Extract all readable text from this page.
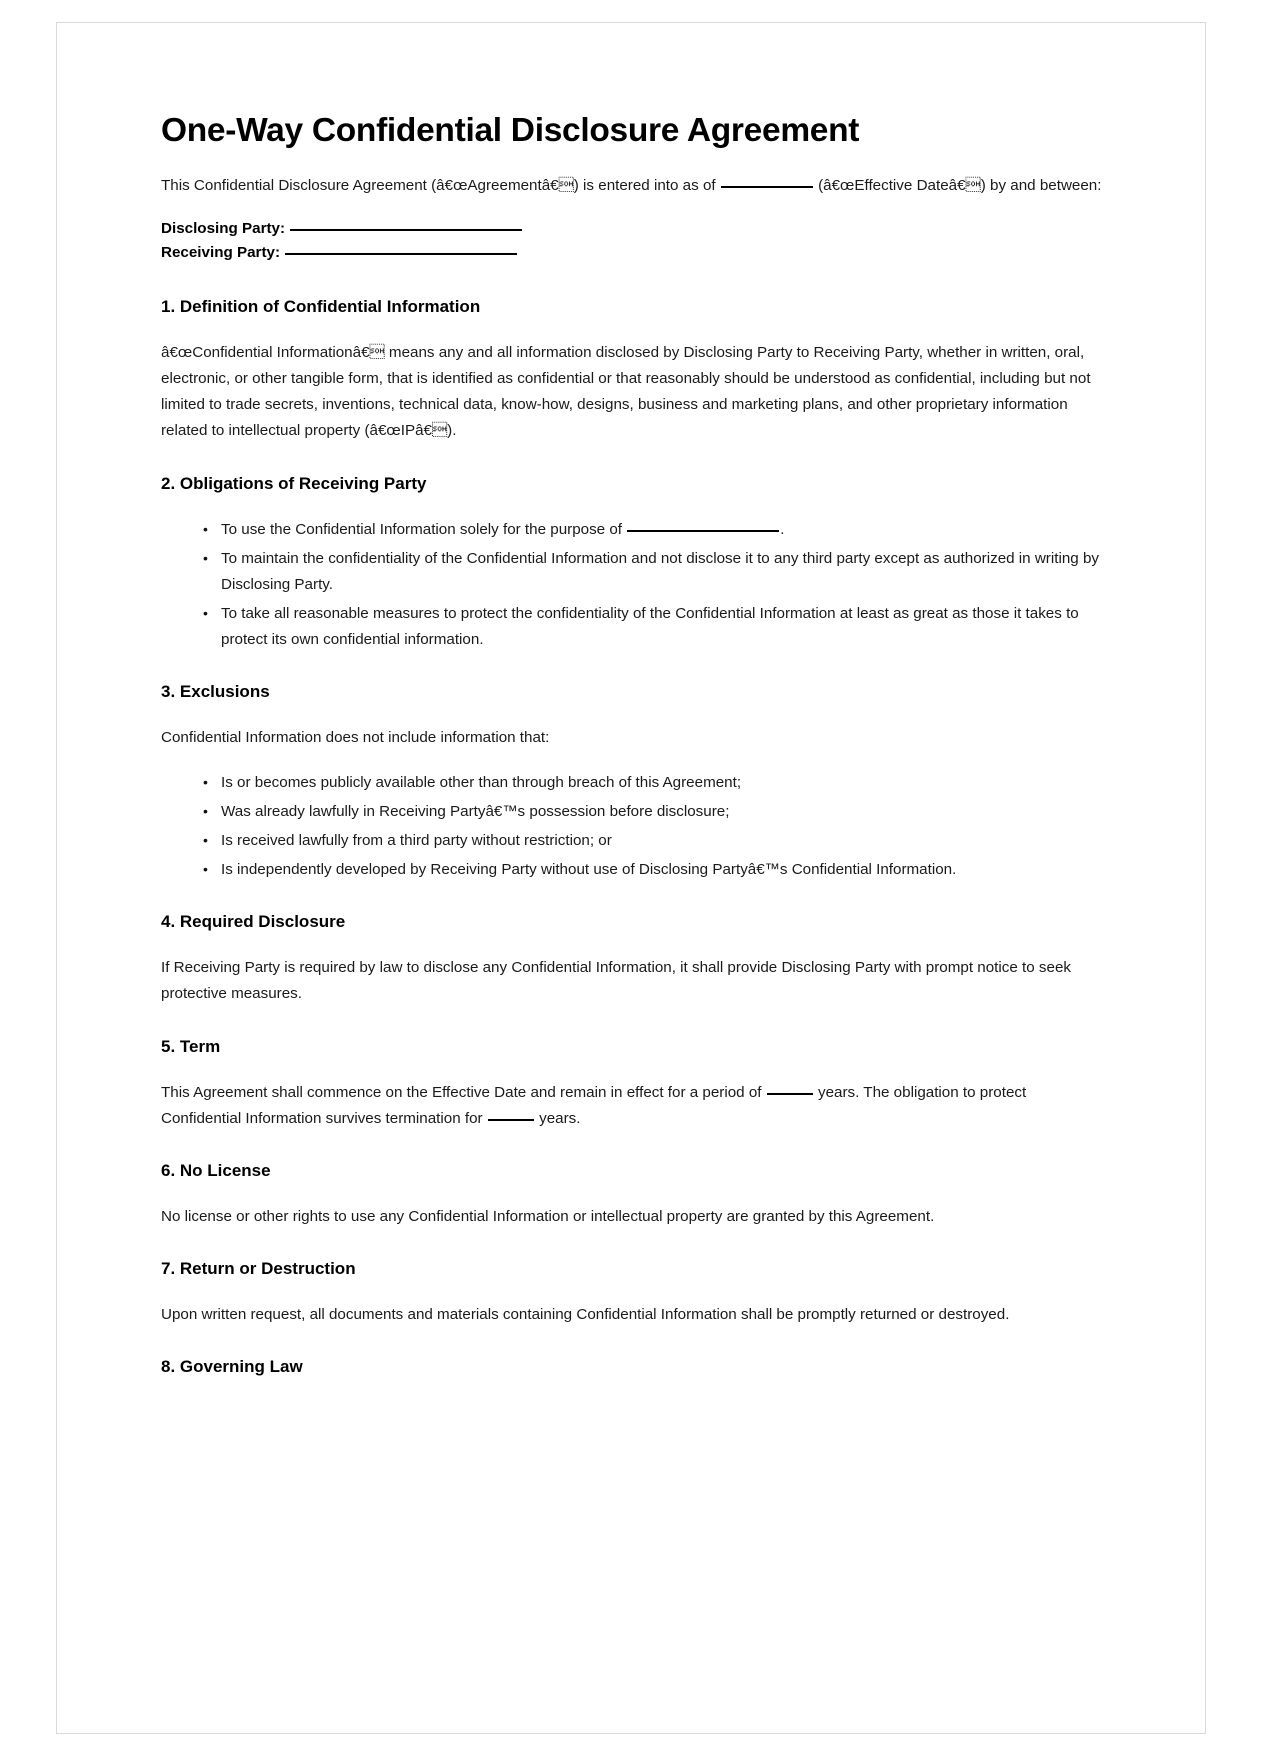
One-Way Confidential Disclosure Agreement

This Confidential Disclosure Agreement (â€œAgreementâ€) is entered into as of	(â€œEffective Dateâ€) by and between:

Disclosing Party:
Receiving Party:
1. Definition of Confidential Information

â€œConfidential Informationâ€ means any and all information disclosed by Disclosing Party to Receiving Party, whether in written, oral, electronic, or other tangible form, that is identified as confidential or that reasonably should be understood as confidential, including but not limited to trade secrets, inventions, technical data, know-how, designs, business and marketing plans, and other proprietary information related to intellectual property (â€œIPâ€).

2. Obligations of Receiving Party
• To use the Confidential Information solely for the purpose of	.
• To maintain the confidentiality of the Confidential Information and not disclose it to any third party except as authorized in writing by Disclosing Party.
• To take all reasonable measures to protect the confidentiality of the Confidential Information at least as great as those it takes to protect its own confidential information.
3. Exclusions

Confidential Information does not include information that:

• Is or becomes publicly available other than through breach of this Agreement;
• Was already lawfully in Receiving Partyâ€™s possession before disclosure;
• Is received lawfully from a third party without restriction; or
• Is independently developed by Receiving Party without use of Disclosing Partyâ€™s Confidential Information.
4. Required Disclosure

If Receiving Party is required by law to disclose any Confidential Information, it shall provide Disclosing Party with prompt notice to seek protective measures.

5. Term

This Agreement shall commence on the Effective Date and remain in effect for a period of	years. The obligation to protect Confidential Information survives termination for	years.

6. No License

No license or other rights to use any Confidential Information or intellectual property are granted by this Agreement.

7. Return or Destruction

Upon written request, all documents and materials containing Confidential Information shall be promptly returned or destroyed.

8. Governing Law
